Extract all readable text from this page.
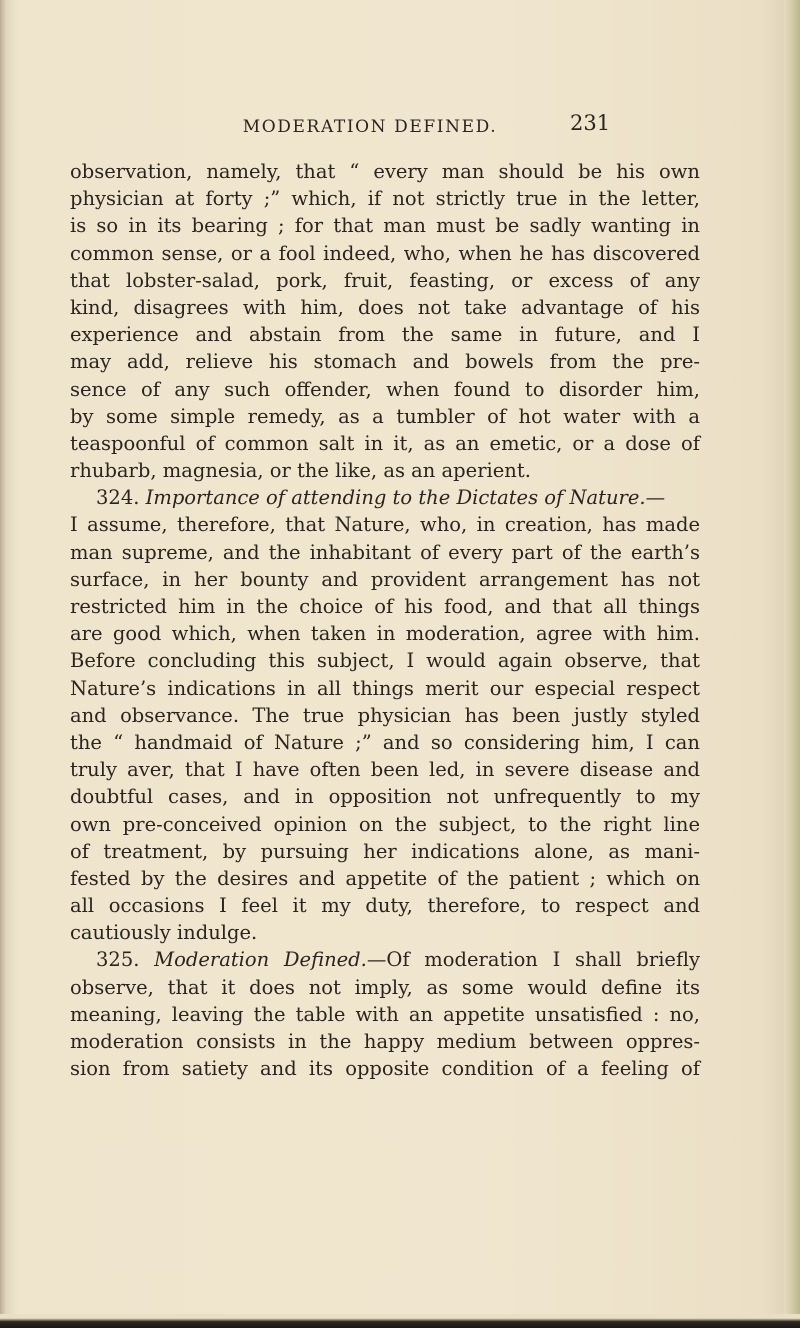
MODERATION DEFINED.	231
observation, namely, that “ every man should be his own
physician at forty ;” which, if not strictly true in the letter,
is so in its bearing ; for that man must be sadly wanting in
common sense, or a fool indeed, who, when he has discovered
that lobster-salad, pork, fruit, feasting, or excess of any
kind, disagrees with him, does not take advantage of his
experience and abstain from the same in future, and I
may add, relieve his stomach and bowels from the pre-
sence of any such offender, when found to disorder him,
by some simple remedy, as a tumbler of hot water with a
teaspoonful of common salt in it, as an emetic, or a dose of
rhubarb, magnesia, or the like, as an aperient.
324. Importance of attending to the Dictates of Nature.—
I assume, therefore, that Nature, who, in creation, has made
man supreme, and the inhabitant of every part of the earth’s
surface, in her bounty and provident arrangement has not
restricted him in the choice of his food, and that all things
are good which, when taken in moderation, agree with him.
Before concluding this subject, I would again observe, that
Nature’s indications in all things merit our especial respect
and observance. The true physician has been justly styled
the “ handmaid of Nature ;” and so considering him, I can
truly aver, that I have often been led, in severe disease and
doubtful cases, and in opposition not unfrequently to my
own pre-conceived opinion on the subject, to the right line
of treatment, by pursuing her indications alone, as mani-
fested by the desires and appetite of the patient ; which on
all occasions I feel it my duty, therefore, to respect and
cautiously indulge.
325. Moderation Defined.—Of moderation I shall briefly
observe, that it does not imply, as some would define its
meaning, leaving the table with an appetite unsatisfied : no,
moderation consists in the happy medium between oppres-
sion from satiety and its opposite condition of a feeling of
